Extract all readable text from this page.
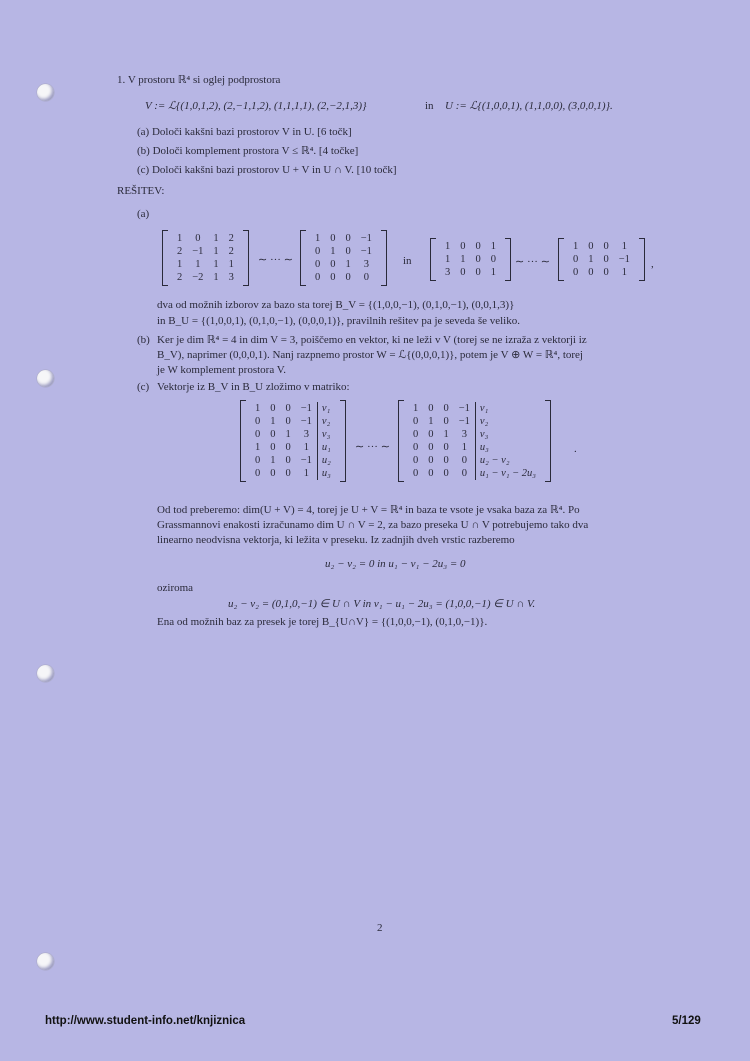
1. V prostoru ℝ⁴ si oglej podprostora
V := ℒ{(1,0,1,2), (2,−1,1,2), (1,1,1,1), (2,−2,1,3)}	in U := ℒ{(1,0,0,1), (1,1,0,0), (3,0,0,1)}.
(a) Določi kakšni bazi prostorov V in U. [6 točk]
(b) Določi komplement prostora V ≤ ℝ⁴. [4 točke]
(c) Določi kakšni bazi prostorov U + V in U ∩ V. [10 točk]
REŠITEV:
(a)
1	0	1	2
2	−1	1	2
1	1	1	1
2	−2	1	3
∼ ··· ∼
1	0	0	−1
0	1	0	−1
0	0	1	3
0	0	0	0
in
1	0	0	1
1	1	0	0
3	0	0	1
∼ ··· ∼
1	0	0	1
0	1	0	−1
0	0	0	1
,
dva od možnih izborov za bazo sta torej B_V = {(1,0,0,−1), (0,1,0,−1), (0,0,1,3)}
in B_U = {(1,0,0,1), (0,1,0,−1), (0,0,0,1)}, pravilnih rešitev pa je seveda še veliko.
(b) Ker je dim ℝ⁴ = 4 in dim V = 3, poiščemo en vektor, ki ne leži v V (torej se ne izraža z vektorji iz
B_V), naprimer (0,0,0,1). Nanj razpnemo prostor W = ℒ{(0,0,0,1)}, potem je V ⊕ W = ℝ⁴, torej
je W komplement prostora V.
(c) Vektorje iz B_V in B_U zložimo v matriko:
1	0	0	−1		v₁
0	1	0	−1		v₂
0	0	1	3		v₃
1	0	0	1		u₁
0	1	0	−1		u₂
0	0	0	1		u₃
∼ ··· ∼
1	0	0	−1		v₁
0	1	0	−1		v₂
0	0	1	3		v₃
0	0	0	1		u₃
0	0	0	0		u₂ − v₂
0	0	0	0		u₁ − v₁ − 2u₃
.
Od tod preberemo: dim(U + V) = 4, torej je U + V = ℝ⁴ in baza te vsote je vsaka baza za ℝ⁴. Po
Grassmannovi enakosti izračunamo dim U ∩ V = 2, za bazo preseka U ∩ V potrebujemo tako dva
linearno neodvisna vektorja, ki ležita v preseku. Iz zadnjih dveh vrstic razberemo
u₂ − v₂ = 0 in u₁ − v₁ − 2u₃ = 0
oziroma
u₂ − v₂ = (0,1,0,−1) ∈ U ∩ V in v₁ − u₁ − 2u₃ = (1,0,0,−1) ∈ U ∩ V.
Ena od možnih baz za presek je torej B_{U∩V} = {(1,0,0,−1), (0,1,0,−1)}.
2
http://www.student-info.net/knjiznica	5/129
